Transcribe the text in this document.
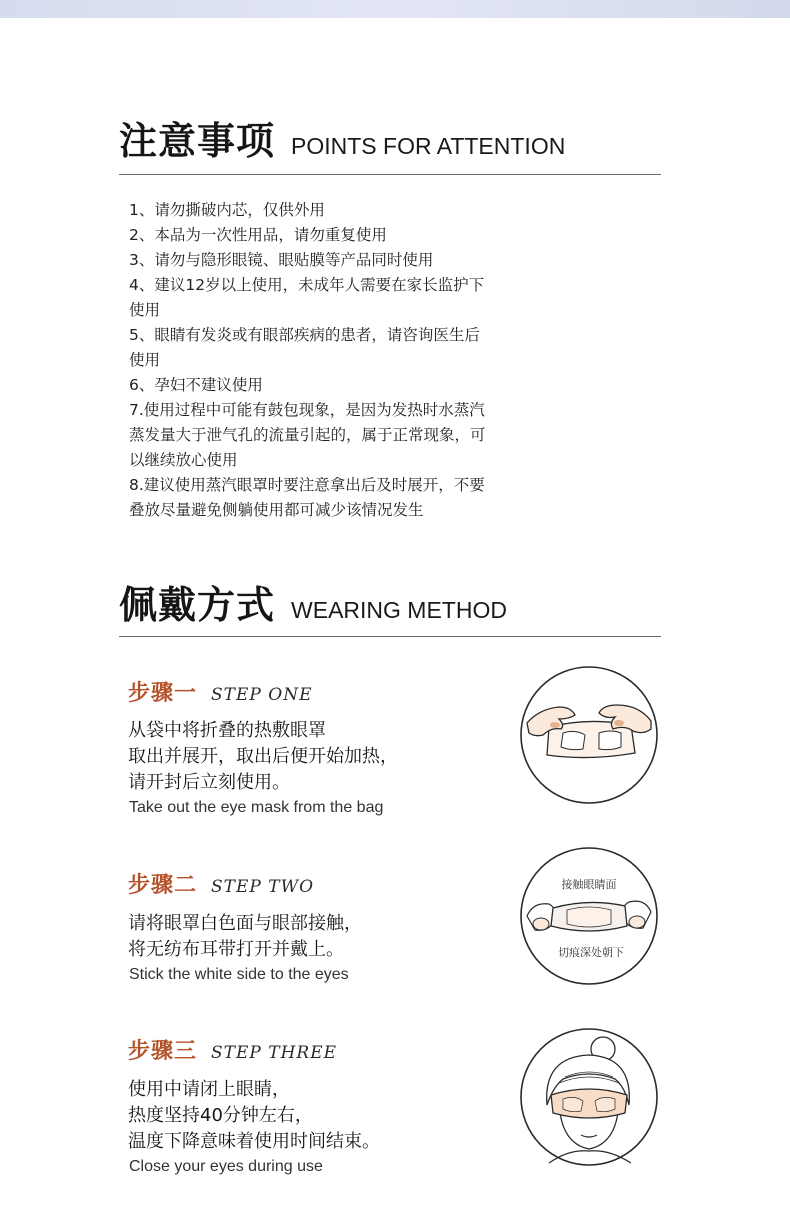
注意事项 POINTS FOR ATTENTION
1、请勿撕破内芯，仅供外用
2、本品为一次性用品，请勿重复使用
3、请勿与隐形眼镜、眼贴膜等产品同时使用
4、建议12岁以上使用，未成年人需要在家长监护下
使用
5、眼睛有发炎或有眼部疾病的患者，请咨询医生后
使用
6、孕妇不建议使用
7.使用过程中可能有鼓包现象，是因为发热时水蒸汽
蒸发量大于泄气孔的流量引起的，属于正常现象，可
以继续放心使用
8.建议使用蒸汽眼罩时要注意拿出后及时展开，不要
叠放尽量避免侧躺使用都可减少该情况发生
佩戴方式 WEARING METHOD
步骤一 STEP ONE
从袋中将折叠的热敷眼罩
取出并展开，取出后便开始加热，
请开封后立刻使用。
Take out the eye mask from the bag
步骤二 STEP TWO
请将眼罩白色面与眼部接触，
将无纺布耳带打开并戴上。
Stick the white side to the eyes
接触眼睛面
切痕深处朝下
步骤三 STEP THREE
使用中请闭上眼睛，
热度坚持40分钟左右，
温度下降意味着使用时间结束。
Close your eyes during use
